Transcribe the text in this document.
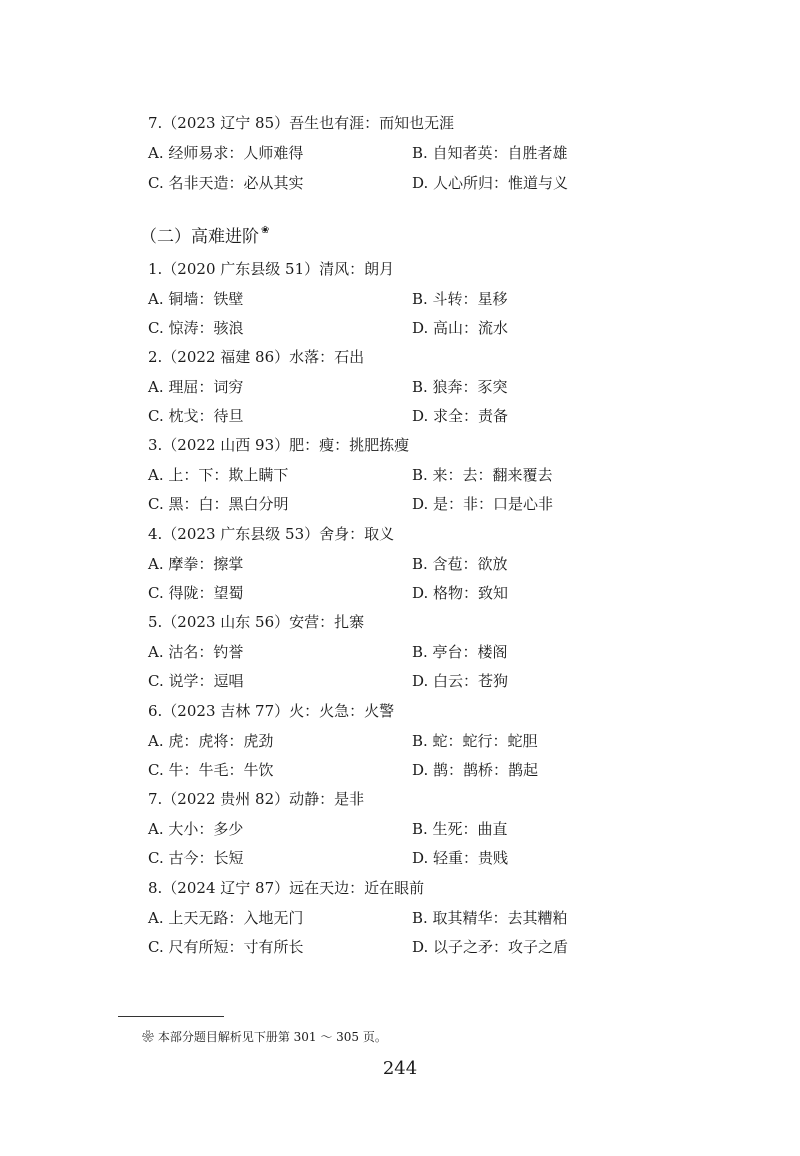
7.（2023 辽宁 85）吾生也有涯：而知也无涯
A. 经师易求：人师难得	B. 自知者英：自胜者雄
C. 名非天造：必从其实	D. 人心所归：惟道与义
（二）高难进阶 ❀
1.（2020 广东县级 51）清风：朗月
A. 铜墙：铁壁	B. 斗转：星移
C. 惊涛：骇浪	D. 高山：流水
2.（2022 福建 86）水落：石出
A. 理屈：词穷	B. 狼奔：豕突
C. 枕戈：待旦	D. 求全：责备
3.（2022 山西 93）肥：瘦：挑肥拣瘦
A. 上：下：欺上瞒下	B. 来：去：翻来覆去
C. 黑：白：黑白分明	D. 是：非：口是心非
4.（2023 广东县级 53）舍身：取义
A. 摩拳：擦掌	B. 含苞：欲放
C. 得陇：望蜀	D. 格物：致知
5.（2023 山东 56）安营：扎寨
A. 沽名：钓誉	B. 亭台：楼阁
C. 说学：逗唱	D. 白云：苍狗
6.（2023 吉林 77）火：火急：火警
A. 虎：虎将：虎劲	B. 蛇：蛇行：蛇胆
C. 牛：牛毛：牛饮	D. 鹊：鹊桥：鹊起
7.（2022 贵州 82）动静：是非
A. 大小：多少	B. 生死：曲直
C. 古今：长短	D. 轻重：贵贱
8.（2024 辽宁 87）远在天边：近在眼前
A. 上天无路：入地无门	B. 取其精华：去其糟粕
C. 尺有所短：寸有所长	D. 以子之矛：攻子之盾
❀ 本部分题目解析见下册第 301 ～ 305 页。
244
